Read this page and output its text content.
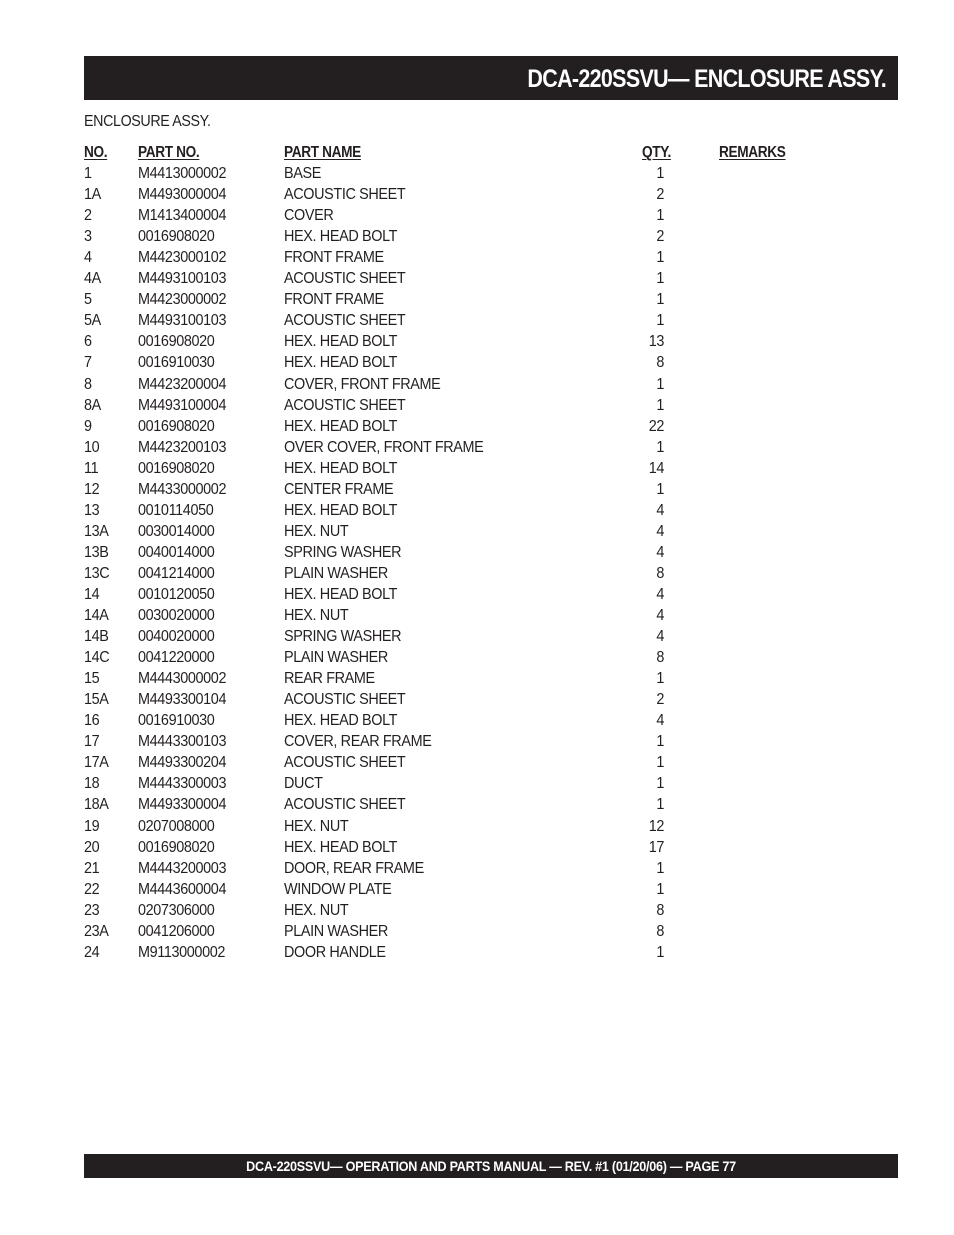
DCA-220SSVU— ENCLOSURE ASSY.
ENCLOSURE ASSY.
NO. PART NO.	PART NAME	QTY.	REMARKS
1	M4413000002	BASE	1
1A M4493000004	ACOUSTIC SHEET	2
2	M1413400004	COVER	1
3	0016908020	HEX. HEAD BOLT	2
4	M4423000102	FRONT FRAME	1
4A M4493100103	ACOUSTIC SHEET	1
5	M4423000002	FRONT FRAME	1
5A M4493100103	ACOUSTIC SHEET	1
6	0016908020	HEX. HEAD BOLT	13
7	0016910030	HEX. HEAD BOLT	8
8	M4423200004	COVER, FRONT FRAME	1
8A M4493100004	ACOUSTIC SHEET	1
9	0016908020	HEX. HEAD BOLT	22
10 M4423200103	OVER COVER, FRONT FRAME	1
11	0016908020	HEX. HEAD BOLT	14
12 M4433000002	CENTER FRAME	1
13 0010114050	HEX. HEAD BOLT	4
13A 0030014000	HEX. NUT	4
13B 0040014000	SPRING WASHER	4
13C 0041214000	PLAIN WASHER	8
14 0010120050	HEX. HEAD BOLT	4
14A 0030020000	HEX. NUT	4
14B 0040020000	SPRING WASHER	4
14C 0041220000	PLAIN WASHER	8
15 M4443000002	REAR FRAME	1
15A M4493300104	ACOUSTIC SHEET	2
16 0016910030	HEX. HEAD BOLT	4
17 M4443300103	COVER, REAR FRAME	1
17A M4493300204	ACOUSTIC SHEET	1
18 M4443300003	DUCT	1
18A M4493300004	ACOUSTIC SHEET	1
19 0207008000	HEX. NUT	12
20 0016908020	HEX. HEAD BOLT	17
21 M4443200003	DOOR, REAR FRAME	1
22 M4443600004	WINDOW PLATE	1
23 0207306000	HEX. NUT	8
23A 0041206000	PLAIN WASHER	8
24 M9113000002	DOOR HANDLE	1
DCA-220SSVU— OPERATION AND PARTS MANUAL — REV. #1 (01/20/06) — PAGE 77
